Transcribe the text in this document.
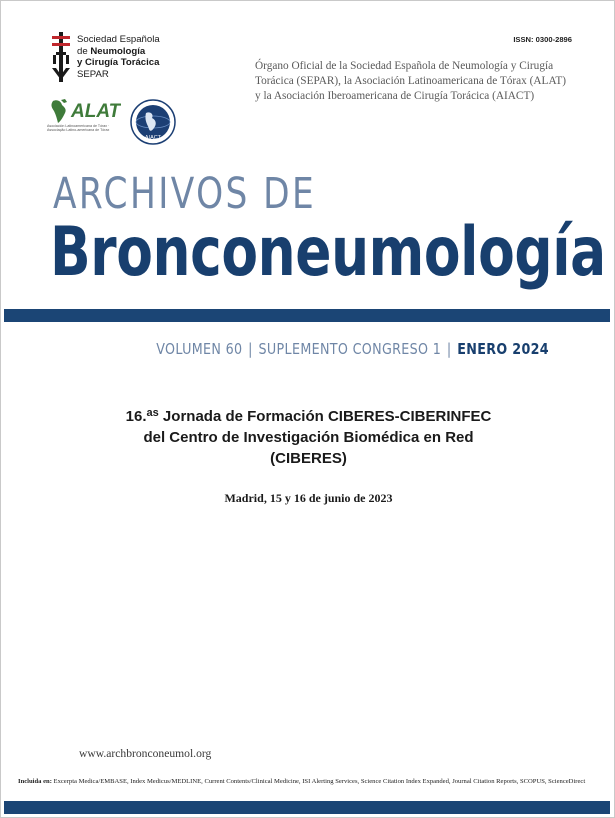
Sociedad Española
de Neumología
y Cirugía Torácica
SEPAR
ALAT
Asociación Latinoamericana de Tórax · Associação Latino-americana de Tórax
AIACT
ISSN: 0300-2896
Órgano Oficial de la Sociedad Española de Neumología y Cirugía Torácica (SEPAR), la Asociación Latinoamericana de Tórax (ALAT) y la Asociación Iberoamericana de Cirugía Torácica (AIACT)
ARCHIVOS DE
Bronconeumología
VOLUMEN 60 | SUPLEMENTO CONGRESO 1 | ENERO 2024
16.$^{as}$ Jornada de Formación CIBERES-CIBERINFEC
del Centro de Investigación Biomédica en Red
(CIBERES)
Madrid, 15 y 16 de junio de 2023
www.archbronconeumol.org
Incluida en: Excerpta Medica/EMBASE, Index Medicus/MEDLINE, Current Contents/Clinical Medicine, ISI Alerting Services, Science Citation Index Expanded, Journal Citation Reports, SCOPUS, ScienceDirect
